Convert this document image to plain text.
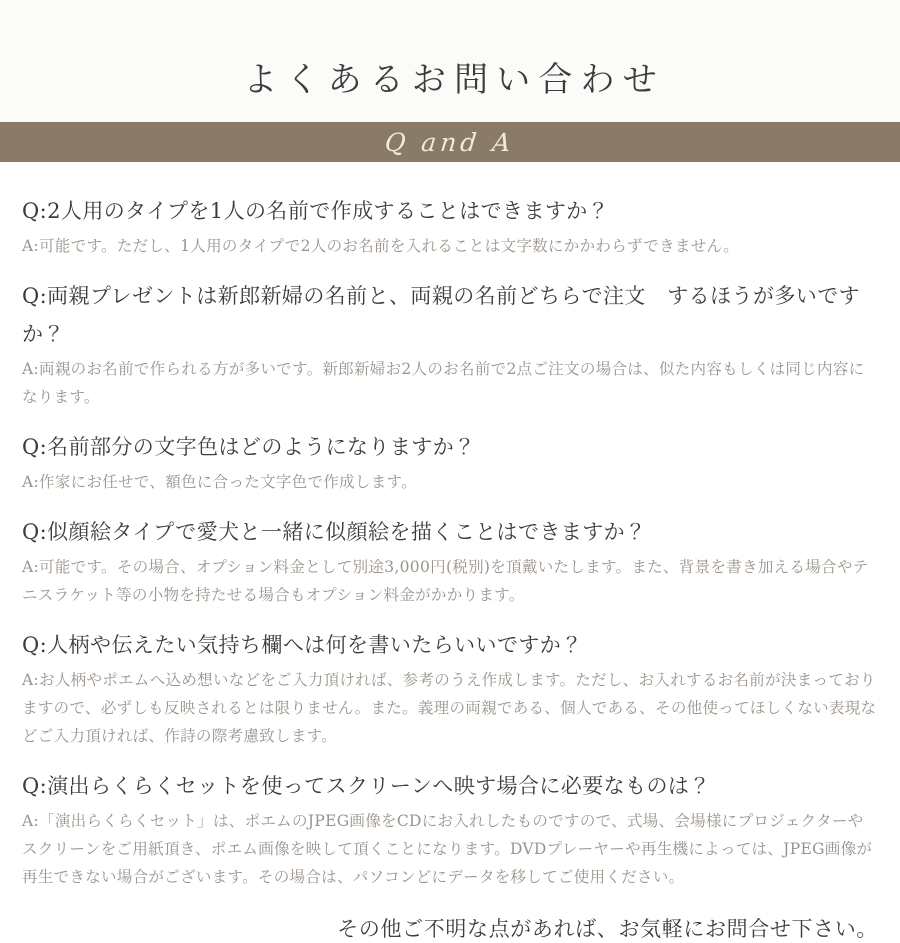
よくあるお問い合わせ
Q and A

Q:2人用のタイプを1人の名前で作成することはできますか？

A:可能です。ただし、1人用のタイプで2人のお名前を入れることは文字数にかかわらずできません。

Q:両親プレゼントは新郎新婦の名前と、両親の名前どちらで注文　するほうが多いですか？

A:両親のお名前で作られる方が多いです。新郎新婦お2人のお名前で2点ご注文の場合は、似た内容もしくは同じ内容になります。

Q:名前部分の文字色はどのようになりますか？

A:作家にお任せで、額色に合った文字色で作成します。

Q:似顔絵タイプで愛犬と一緒に似顔絵を描くことはできますか？

A:可能です。その場合、オプション料金として別途3,000円(税別)を頂戴いたします。また、背景を書き加える場合やテニスラケット等の小物を持たせる場合もオプション料金がかかります。

Q:人柄や伝えたい気持ち欄へは何を書いたらいいですか？

A:お人柄やポエムへ込め想いなどをご入力頂ければ、参考のうえ作成します。ただし、お入れするお名前が決まっておりますので、必ずしも反映されるとは限りません。また。義理の両親である、個人である、その他使ってほしくない表現などご入力頂ければ、作詩の際考慮致します。

Q:演出らくらくセットを使ってスクリーンへ映す場合に必要なものは？

A:「演出らくらくセット」は、ポエムのJPEG画像をCDにお入れしたものですので、式場、会場様にプロジェクターやスクリーンをご用紙頂き、ポエム画像を映して頂くことになります。DVDプレーヤーや再生機によっては、JPEG画像が再生できない場合がございます。その場合は、パソコンどにデータを移してご使用ください。

その他ご不明な点があれば、お気軽にお問合せ下さい。
